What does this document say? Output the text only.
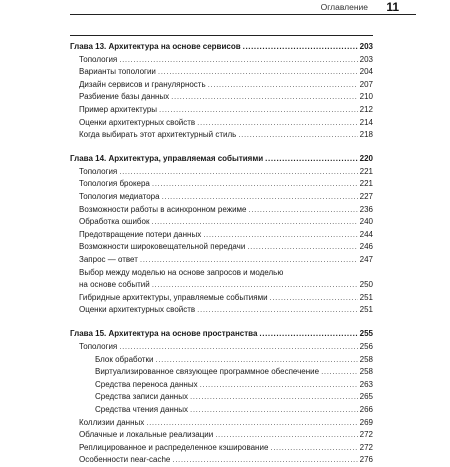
Оглавление 11
Глава 13. Архитектура на основе сервисов .....	203
Топология .....	203
Варианты топологии .....	204
Дизайн сервисов и гранулярность .....	207
Разбиение базы данных .....	210
Пример архитектуры .....	212
Оценки архитектурных свойств .....	214
Когда выбирать этот архитектурный стиль .....	218
Глава 14. Архитектура, управляемая событиями .....	220
Топология .....	221
Топология брокера .....	221
Топология медиатора .....	227
Возможности работы в асинхронном режиме .....	236
Обработка ошибок .....	240
Предотвращение потери данных .....	244
Возможности широковещательной передачи .....	246
Запрос — ответ .....	247
Выбор между моделью на основе запросов и моделью
на основе событий .....	250
Гибридные архитектуры, управляемые событиями .....	251
Оценки архитектурных свойств .....	251
Глава 15. Архитектура на основе пространства .....	255
Топология .....	256
Блок обработки .....	258
Виртуализированное связующее программное обеспечение .....	258
Средства переноса данных .....	263
Средства записи данных .....	265
Средства чтения данных .....	266
Коллизии данных .....	269
Облачные и локальные реализации .....	272
Реплицированное и распределенное кэширование .....	272
Особенности near-cache .....	276
